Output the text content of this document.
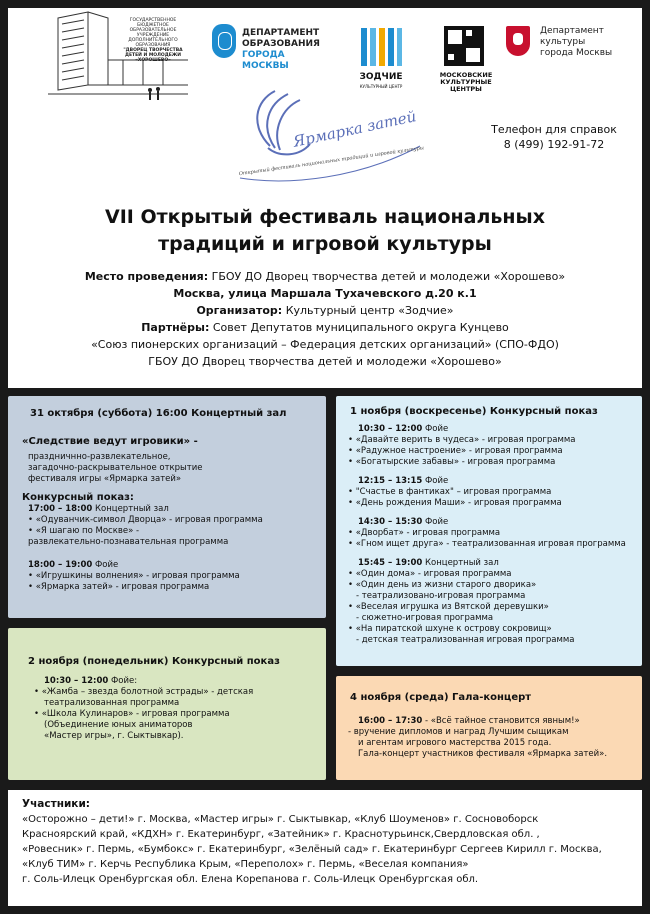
ГОСУДАРСТВЕННОЕ БЮДЖЕТНОЕ
ОБРАЗОВАТЕЛЬНОЕ УЧРЕЖДЕНИЕ
ДОПОЛНИТЕЛЬНОГО ОБРАЗОВАНИЯ
"ДВОРЕЦ ТВОРЧЕСТВА
ДЕТЕЙ И МОЛОДЕЖИ
«ХОРОШЕВО»
ДЕПАРТАМЕНТ
ОБРАЗОВАНИЯ
ГОРОДА МОСКВЫ
ЗОДЧИЕ
КУЛЬТУРНЫЙ ЦЕНТР
МОСКОВСКИЕ
КУЛЬТУРНЫЕ
ЦЕНТРЫ
Департамент
культуры
города Москвы
Ярмарка затей
Открытый фестиваль национальных традиций и игровой культуры
Телефон для справок
8 (499) 192-91-72
VII Открытый фестиваль национальных
традиций и игровой культуры
Место проведения: ГБОУ ДО Дворец творчества детей и молодежи «Хорошево»
Москва, улица Маршала Тухачевского д.20 к.1
Организатор: Культурный центр «Зодчие»
Партнёры: Совет Депутатов муниципального округа Кунцево
«Союз пионерских организаций – Федерация детских организаций» (СПО-ФДО)
ГБОУ ДО Дворец творчества детей и молодежи «Хорошево»
31 октября (суббота) 16:00 Концертный зал
«Следствие ведут игровики» -
праздничнно-развлекательное,
загадочно-раскрывательное открытие
фестиваля игры «Ярмарка затей»
Конкурсный показ:
17:00 – 18:00 Концертный зал
• «Одуванчик-символ Дворца» - игровая программа
• «Я шагаю по Москве» -
развлекательно-познавательная программа
18:00 – 19:00 Фойе
• «Игрушкины волнения» - игровая программа
• «Ярмарка затей» - игровая программа
1 ноября (воскресенье) Конкурсный показ
10:30 – 12:00 Фойе
• «Давайте верить в чудеса» - игровая программа
• «Радужное настроение» - игровая программа
• «Богатырские забавы» - игровая программа
12:15 – 13:15 Фойе
• "Счастье в фантиках" – игровая программа
• «День рождения Маши» - игровая программа
14:30 – 15:30 Фойе
• «Дворбат» - игровая программа
• «Гном ищет друга» - театрализованная игровая программа
15:45 – 19:00 Концертный зал
• «Один дома» - игровая программа
• «Один день из жизни старого дворика»
- театрализовано-игровая программа
• «Веселая игрушка из Вятской деревушки»
- сюжетно-игровая программа
• «На пиратской шхуне к острову сокровищ»
- детская театрализованная игровая программа
2 ноября (понедельник) Конкурсный показ
10:30 – 12:00 Фойе:
• «Жамба – звезда болотной эстрады» - детская
театрализованная программа
• «Школа Кулинаров» - игровая программа
(Объединение юных аниматоров
«Мастер игры», г. Сыктывкар).
4 ноября (среда) Гала-концерт
16:00 – 17:30 - «Всё тайное становится явным!»
- вручение дипломов и наград Лучшим сыщикам
и агентам игрового мастерства 2015 года.
Гала-концерт участников фестиваля «Ярмарка затей».
Участники:
«Осторожно – дети!» г. Москва, «Мастер игры» г. Сыктывкар, «Клуб Шоуменов» г. Сосновоборск
Красноярский край, «КДХН» г. Екатеринбург, «Затейник» г. Краснотурьинск,Свердловская обл. ,
«Ровесник» г. Пермь, «Бумбокс» г. Екатеринбург, «Зелёный сад» г. Екатеринбург Сергеев Кирилл г. Москва,
«Клуб ТИМ» г. Керчь Республика Крым, «Переполох» г. Пермь, «Веселая компания»
г. Соль-Илецк Оренбургская обл. Елена Корепанова г. Соль-Илецк Оренбургская обл.
